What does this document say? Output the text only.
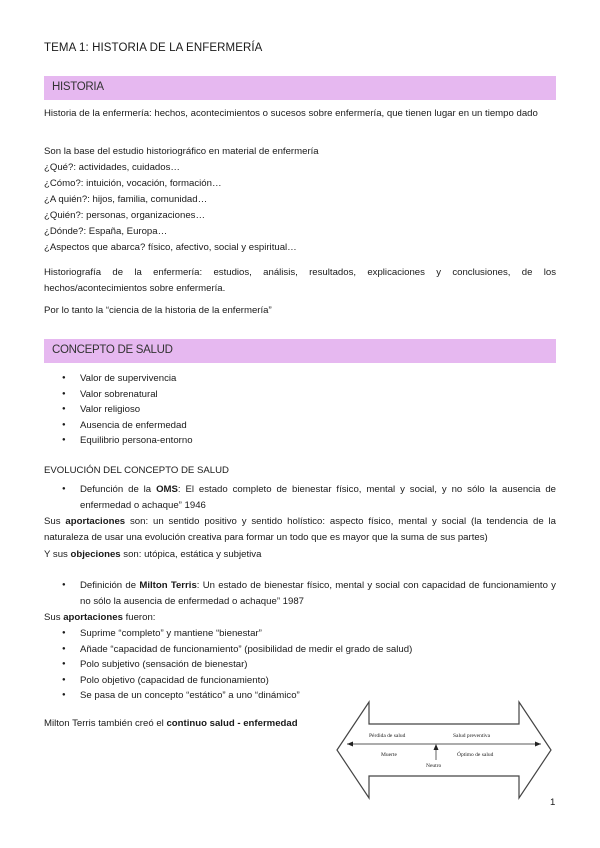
TEMA 1: HISTORIA DE LA ENFERMERÍA
HISTORIA
Historia de la enfermería: hechos, acontecimientos o sucesos sobre enfermería, que tienen lugar en un tiempo dado
Son la base del estudio historiográfico en material de enfermería
¿Qué?: actividades, cuidados…
¿Cómo?: intuición, vocación, formación…
¿A quién?: hijos, familia, comunidad…
¿Quién?: personas, organizaciones…
¿Dónde?: España, Europa…
¿Aspectos que abarca? físico, afectivo, social y espiritual…
Historiografía de la enfermería: estudios, análisis, resultados, explicaciones y conclusiones, de los hechos/acontecimientos sobre enfermería.
Por lo tanto la “ciencia de la historia de la enfermería”
CONCEPTO DE SALUD
● Valor de supervivencia
● Valor sobrenatural
● Valor religioso
● Ausencia de enfermedad
● Equilibrio persona-entorno
EVOLUCIÓN DEL CONCEPTO DE SALUD
● Defunción de la OMS: El estado completo de bienestar físico, mental y social, y no sólo la ausencia de enfermedad o achaque” 1946
Sus aportaciones son: un sentido positivo y sentido holístico: aspecto físico, mental y social (la tendencia de la naturaleza de usar una evolución creativa para formar un todo que es mayor que la suma de sus partes)
Y sus objeciones son: utópica, estática y subjetiva
● Definición de Milton Terris: Un estado de bienestar físico, mental y social con capacidad de funcionamiento y no sólo la ausencia de enfermedad o achaque” 1987
Sus aportaciones fueron:
● Suprime “completo” y mantiene “bienestar”
● Añade “capacidad de funcionamiento” (posibilidad de medir el grado de salud)
● Polo subjetivo (sensación de bienestar)
● Polo objetivo (capacidad de funcionamiento)
● Se pasa de un concepto “estático” a uno “dinámico”
Milton Terris también creó el continuo salud - enfermedad
Pérdida de salud
Muerte
Salud preventiva
Óptimo de salud
Neutro
1
